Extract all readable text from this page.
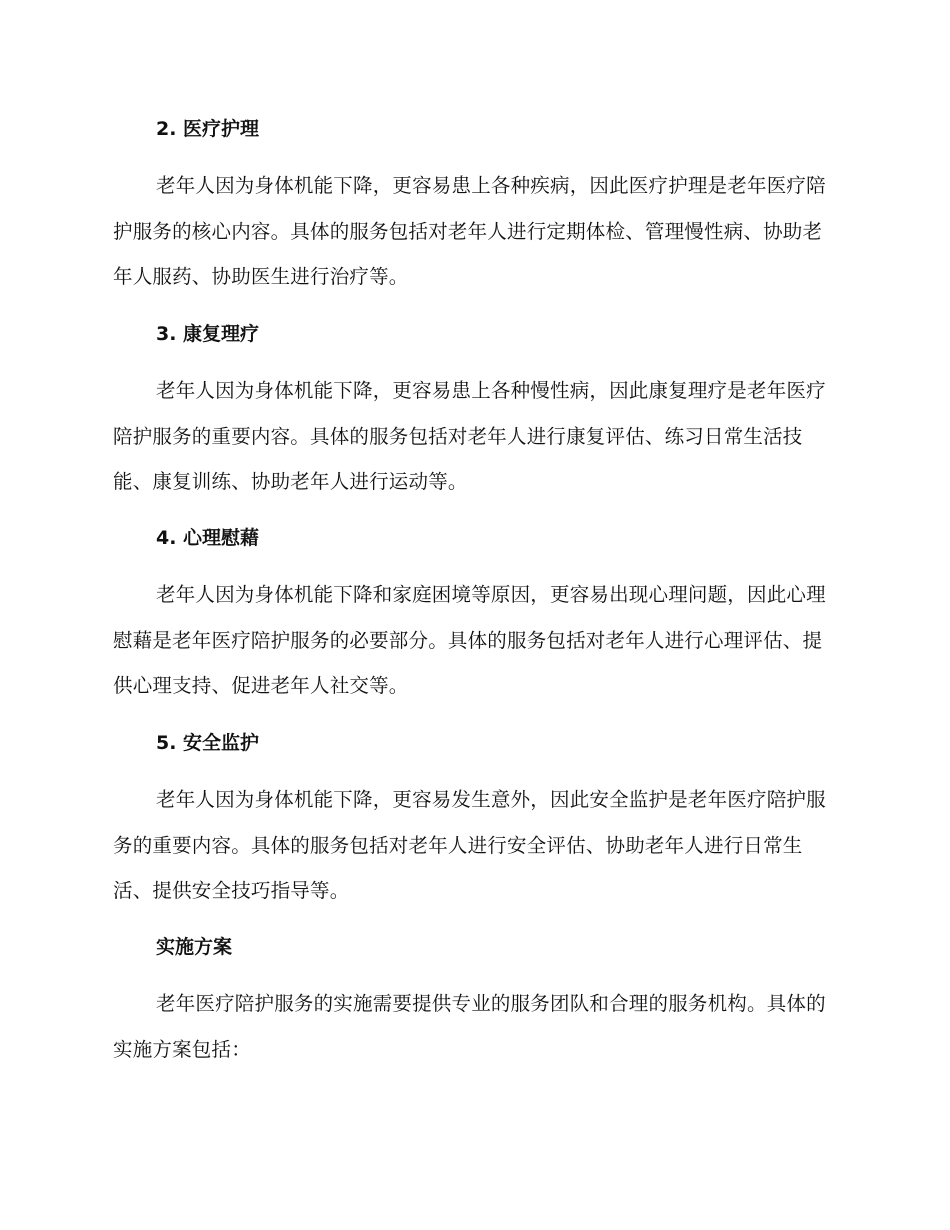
2. 医疗护理

老年人因为身体机能下降，更容易患上各种疾病，因此医疗护理是老年医疗陪护服务的核心内容。具体的服务包括对老年人进行定期体检、管理慢性病、协助老年人服药、协助医生进行治疗等。

3. 康复理疗

老年人因为身体机能下降，更容易患上各种慢性病，因此康复理疗是老年医疗陪护服务的重要内容。具体的服务包括对老年人进行康复评估、练习日常生活技能、康复训练、协助老年人进行运动等。

4. 心理慰藉

老年人因为身体机能下降和家庭困境等原因，更容易出现心理问题，因此心理慰藉是老年医疗陪护服务的必要部分。具体的服务包括对老年人进行心理评估、提供心理支持、促进老年人社交等。

5. 安全监护

老年人因为身体机能下降，更容易发生意外，因此安全监护是老年医疗陪护服务的重要内容。具体的服务包括对老年人进行安全评估、协助老年人进行日常生活、提供安全技巧指导等。

实施方案

老年医疗陪护服务的实施需要提供专业的服务团队和合理的服务机构。具体的实施方案包括：
